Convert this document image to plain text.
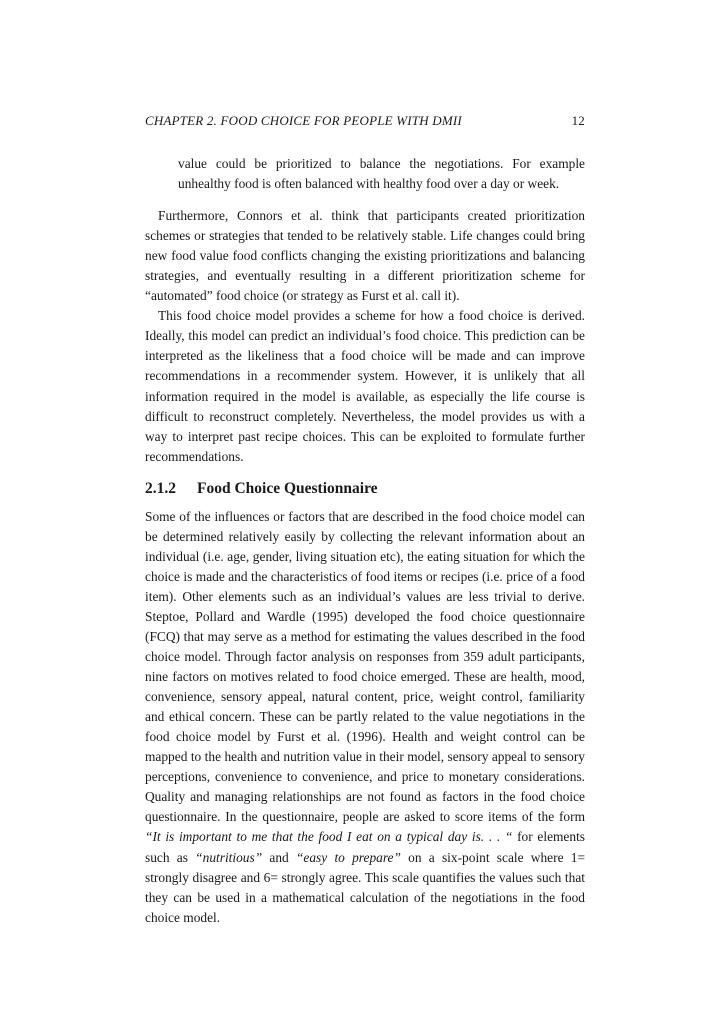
CHAPTER 2. FOOD CHOICE FOR PEOPLE WITH DMII	12

value could be prioritized to balance the negotiations. For example unhealthy food is often balanced with healthy food over a day or week.

Furthermore, Connors et al. think that participants created prioritization schemes or strategies that tended to be relatively stable. Life changes could bring new food value food conflicts changing the existing prioritizations and balancing strategies, and eventually resulting in a different prioritization scheme for “automated” food choice (or strategy as Furst et al. call it).

This food choice model provides a scheme for how a food choice is derived. Ideally, this model can predict an individual’s food choice. This prediction can be interpreted as the likeliness that a food choice will be made and can improve recommendations in a recommender system. However, it is unlikely that all information required in the model is available, as especially the life course is difficult to reconstruct completely. Nevertheless, the model provides us with a way to interpret past recipe choices. This can be exploited to formulate further recommendations.

2.1.2 Food Choice Questionnaire

Some of the influences or factors that are described in the food choice model can be determined relatively easily by collecting the relevant information about an individual (i.e. age, gender, living situation etc), the eating situation for which the choice is made and the characteristics of food items or recipes (i.e. price of a food item). Other elements such as an individual’s values are less trivial to derive. Steptoe, Pollard and Wardle (1995) developed the food choice questionnaire (FCQ) that may serve as a method for estimating the values described in the food choice model. Through factor analysis on responses from 359 adult participants, nine factors on motives related to food choice emerged. These are health, mood, convenience, sensory appeal, natural content, price, weight control, familiarity and ethical concern. These can be partly related to the value negotiations in the food choice model by Furst et al. (1996). Health and weight control can be mapped to the health and nutrition value in their model, sensory appeal to sensory perceptions, convenience to convenience, and price to monetary considerations. Quality and managing relationships are not found as factors in the food choice questionnaire. In the questionnaire, people are asked to score items of the form “It is important to me that the food I eat on a typical day is. . . “ for elements such as “nutritious” and “easy to prepare” on a six-point scale where 1= strongly disagree and 6= strongly agree. This scale quantifies the values such that they can be used in a mathematical calculation of the negotiations in the food choice model.
